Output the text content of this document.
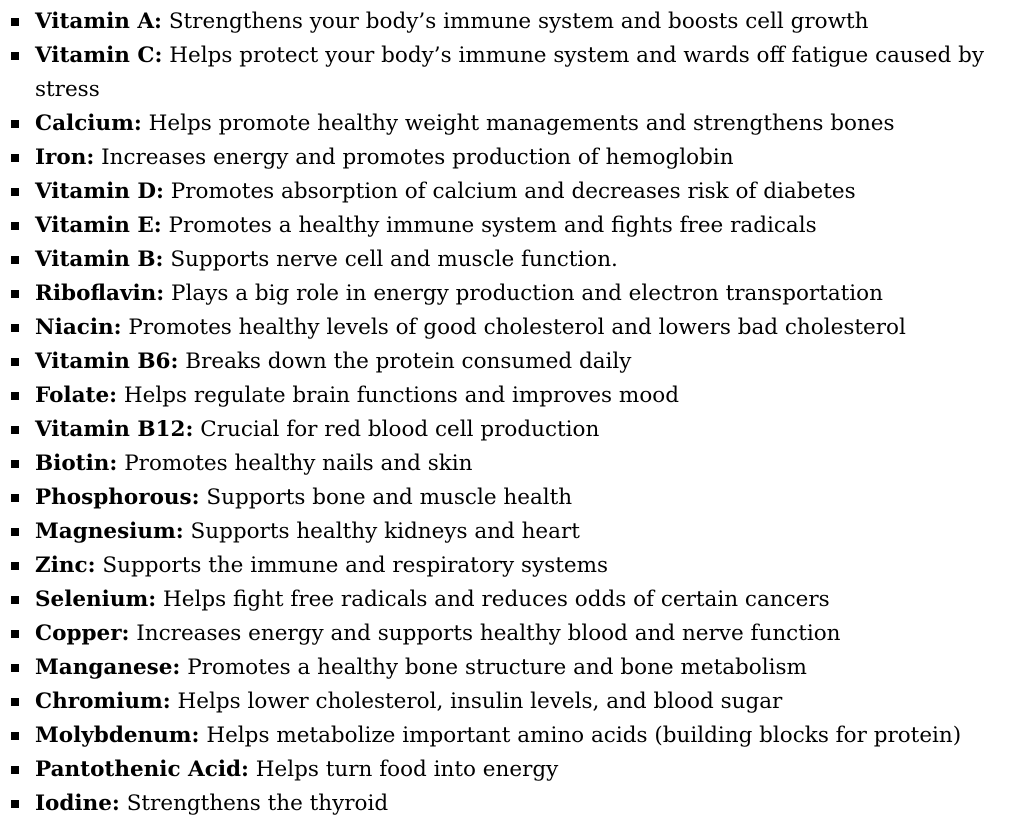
Vitamin A: Strengthens your body’s immune system and boosts cell growth
Vitamin C: Helps protect your body’s immune system and wards off fatigue caused by stress
Calcium: Helps promote healthy weight managements and strengthens bones
Iron: Increases energy and promotes production of hemoglobin
Vitamin D: Promotes absorption of calcium and decreases risk of diabetes
Vitamin E: Promotes a healthy immune system and fights free radicals
Vitamin B: Supports nerve cell and muscle function.
Riboflavin: Plays a big role in energy production and electron transportation
Niacin: Promotes healthy levels of good cholesterol and lowers bad cholesterol
Vitamin B6: Breaks down the protein consumed daily
Folate: Helps regulate brain functions and improves mood
Vitamin B12: Crucial for red blood cell production
Biotin: Promotes healthy nails and skin
Phosphorous: Supports bone and muscle health
Magnesium: Supports healthy kidneys and heart
Zinc: Supports the immune and respiratory systems
Selenium: Helps fight free radicals and reduces odds of certain cancers
Copper: Increases energy and supports healthy blood and nerve function
Manganese: Promotes a healthy bone structure and bone metabolism
Chromium: Helps lower cholesterol, insulin levels, and blood sugar
Molybdenum: Helps metabolize important amino acids (building blocks for protein)
Pantothenic Acid: Helps turn food into energy
Iodine: Strengthens the thyroid
